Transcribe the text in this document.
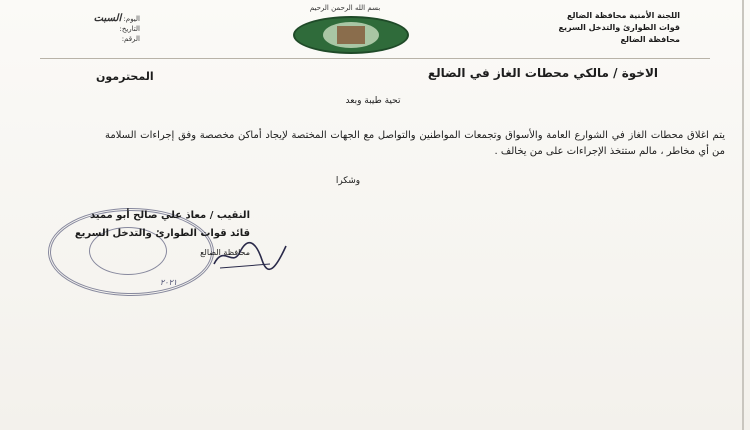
بسم الله الرحمن الرحيم
اللجنة الأمنية محافظة الضالع
قوات الطوارئ والتدخل السريع
محافظة الضالع
اليوم: السبت
التاريخ:
الرقم:
الاخوة / مالكي محطات الغاز في الضالع
المحترمون
تحية طيبة وبعد
يتم اغلاق محطات الغاز في الشوارع العامة والأسواق وتجمعات المواطنين والتواصل مع الجهات المختصة لإيجاد أماكن مخصصة وفق إجراءات السلامة من أي مخاطر ، مالم ستتخذ الإجراءات على من يخالف .
وشكرا
٢٠٢١
النقيب / معاذ علي صالح أبو مميد
قائد قوات الطوارئ والتدخل السريع
محافظة الضالع
